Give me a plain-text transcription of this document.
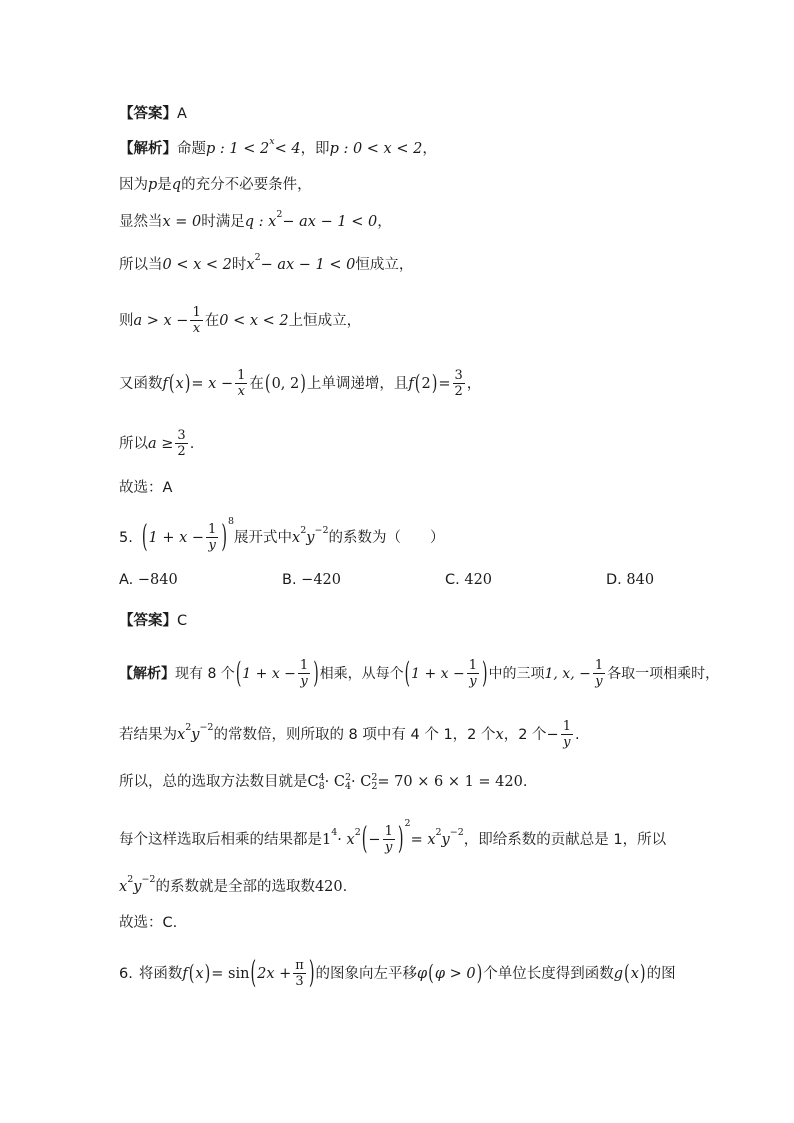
【答案】 A
【解析】 命题 p : 1 < 2 x < 4 ，即 p : 0 < x < 2 ，
因为 p 是 q 的充分不必要条件，
显然当 x = 0 时满足 q : x 2 − ax − 1 < 0 ，
所以当 0 < x < 2 时 x 2 − ax − 1 < 0 恒成立，
则 $a > x - \frac{1}{x}$ 在 0 < x < 2 上恒成立，
又函数 f ( x ) = $x - \frac{1}{x}$ 在 ( 0, 2 ) 上单调递增，且 f ( 2 ) = $\frac{3}{2}$ ，
所以 $a \ge \frac{3}{2}$ .
故选：A
5. ( $1 + x - \frac{1}{y}$ ) 8
展开式中 x 2 y −2 的系数为（　　）
A. −840	B. −420	C. 420	D. 840
【答案】 C
【解析】 现有 8 个 ( $1 + x - \frac{1}{y}$ ) 相乘，从每个 ( $1 + x - \frac{1}{y}$ ) 中的三项 1, x, − $\frac{1}{y}$ 各取一项相乘时，
若结果为 x 2 y −2 的常数倍，则所取的 8 项中有 4 个 1，2 个 x ，2 个 − $\frac{1}{y}$ .
所以，总的选取方法数目就是 C 4
8 · C 2
4 · C 2
2 = 70 × 6 × 1 = 420 .
每个这样选取后相乘的结果都是 1 4 · x 2 ( − $\frac{1}{y}$ ) 2
= x 2 y −2 ，即给系数的贡献总是 1，所以
x 2 y −2 的系数就是全部的选取数 420 .
故选：C.
6. 将函数 f ( x ) = sin ( $2x + \frac{\pi}{3}$ ) 的图象向左平移 φ ( φ > 0 ) 个单位长度得到函数 g ( x ) 的图
